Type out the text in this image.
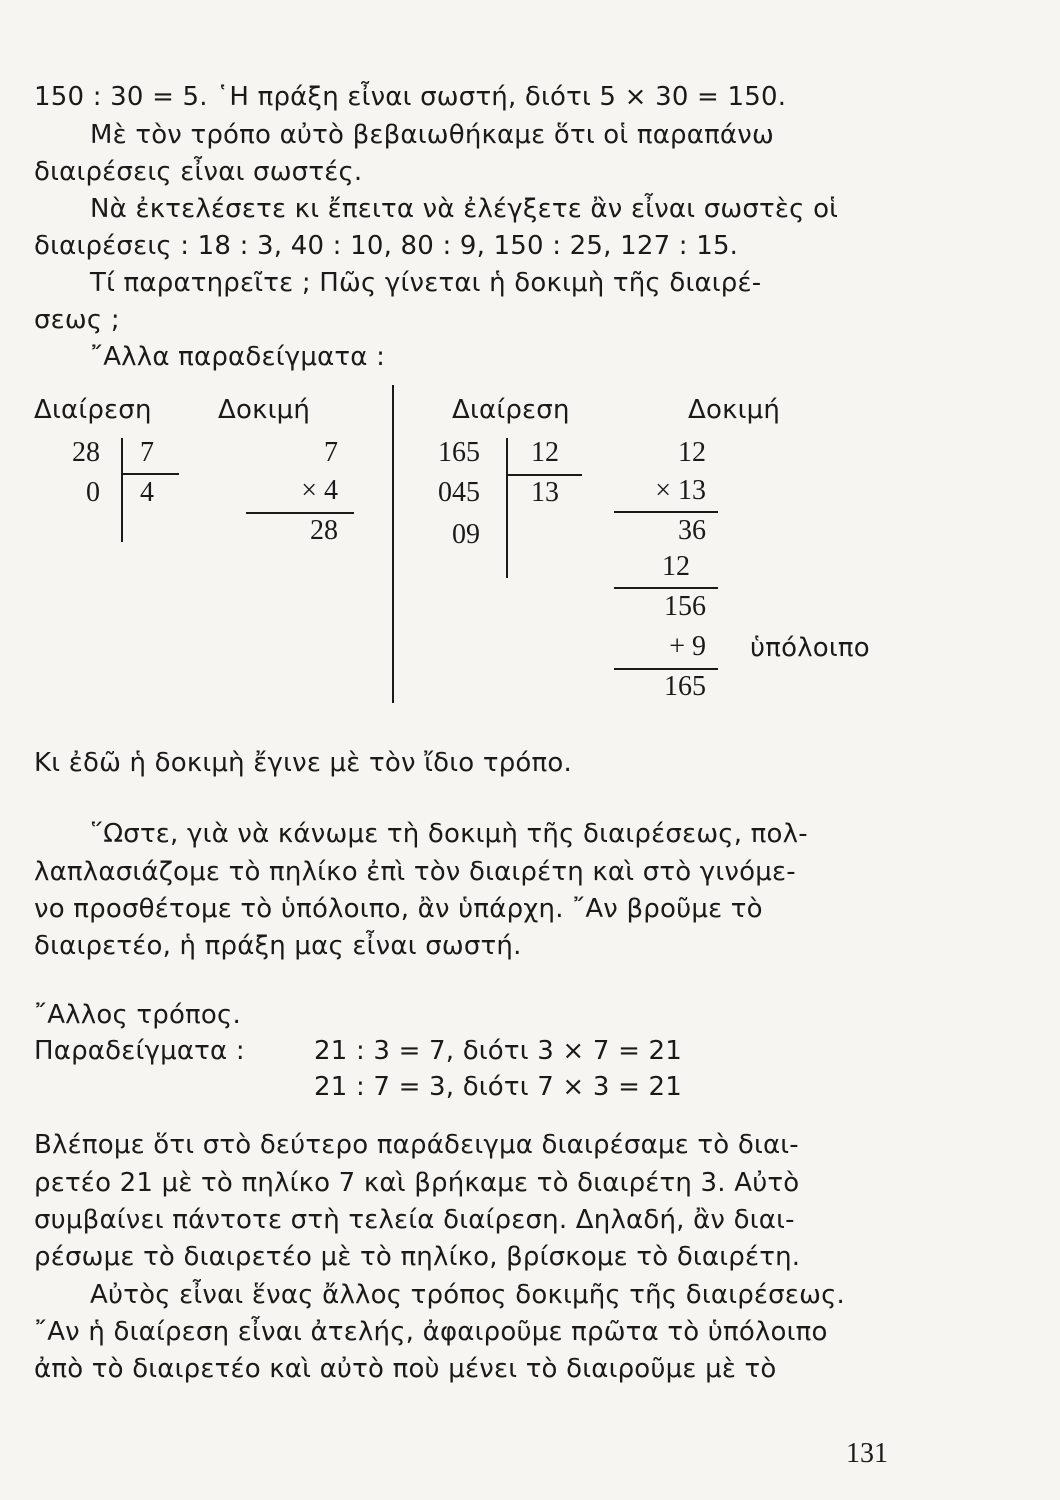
150 : 30 = 5. ῾Η πράξη εἶναι σωστή, διότι 5 × 30 = 150.
Μὲ τὸν τρόπο αὐτὸ βεβαιωθήκαμε ὅτι οἱ παραπάνω
διαιρέσεις εἶναι σωστές.
Νὰ ἐκτελέσετε κι ἔπειτα νὰ ἐλέγξετε ἂν εἶναι σωστὲς οἱ
διαιρέσεις : 18 : 3, 40 : 10, 80 : 9, 150 : 25, 127 : 15.
Τί παρατηρεῖτε ; Πῶς γίνεται ἡ δοκιμὴ τῆς διαιρέ-
σεως ;
῎Αλλα παραδείγματα :
Διαίρεση	Δοκιμή	Διαίρεση	Δοκιμή
28 7
0 4
7
× 4
28
165 12
045 13
09
12
× 13
36
12
156
+ 9 ὑπόλοιπο
165
Κι ἐδῶ ἡ δοκιμὴ ἔγινε μὲ τὸν ἴδιο τρόπο.
῞Ωστε, γιὰ νὰ κάνωμε τὴ δοκιμὴ τῆς διαιρέσεως, πολ-
λαπλασιάζομε τὸ πηλίκο ἐπὶ τὸν διαιρέτη καὶ στὸ γινόμε-
νο προσθέτομε τὸ ὑπόλοιπο, ἂν ὑπάρχη. ῎Αν βροῦμε τὸ
διαιρετέο, ἡ πράξη μας εἶναι σωστή.
῎Αλλος τρόπος.
Παραδείγματα :	21 : 3 = 7, διότι 3 × 7 = 21
21 : 7 = 3, διότι 7 × 3 = 21
Βλέπομε ὅτι στὸ δεύτερο παράδειγμα διαιρέσαμε τὸ διαι-
ρετέο 21 μὲ τὸ πηλίκο 7 καὶ βρήκαμε τὸ διαιρέτη 3. Αὐτὸ
συμβαίνει πάντοτε στὴ τελεία διαίρεση. Δηλαδή, ἂν διαι-
ρέσωμε τὸ διαιρετέο μὲ τὸ πηλίκο, βρίσκομε τὸ διαιρέτη.
Αὐτὸς εἶναι ἕνας ἄλλος τρόπος δοκιμῆς τῆς διαιρέσεως.
῎Αν ἡ διαίρεση εἶναι ἀτελής, ἀφαιροῦμε πρῶτα τὸ ὑπόλοιπο
ἀπὸ τὸ διαιρετέο καὶ αὐτὸ ποὺ μένει τὸ διαιροῦμε μὲ τὸ
131
